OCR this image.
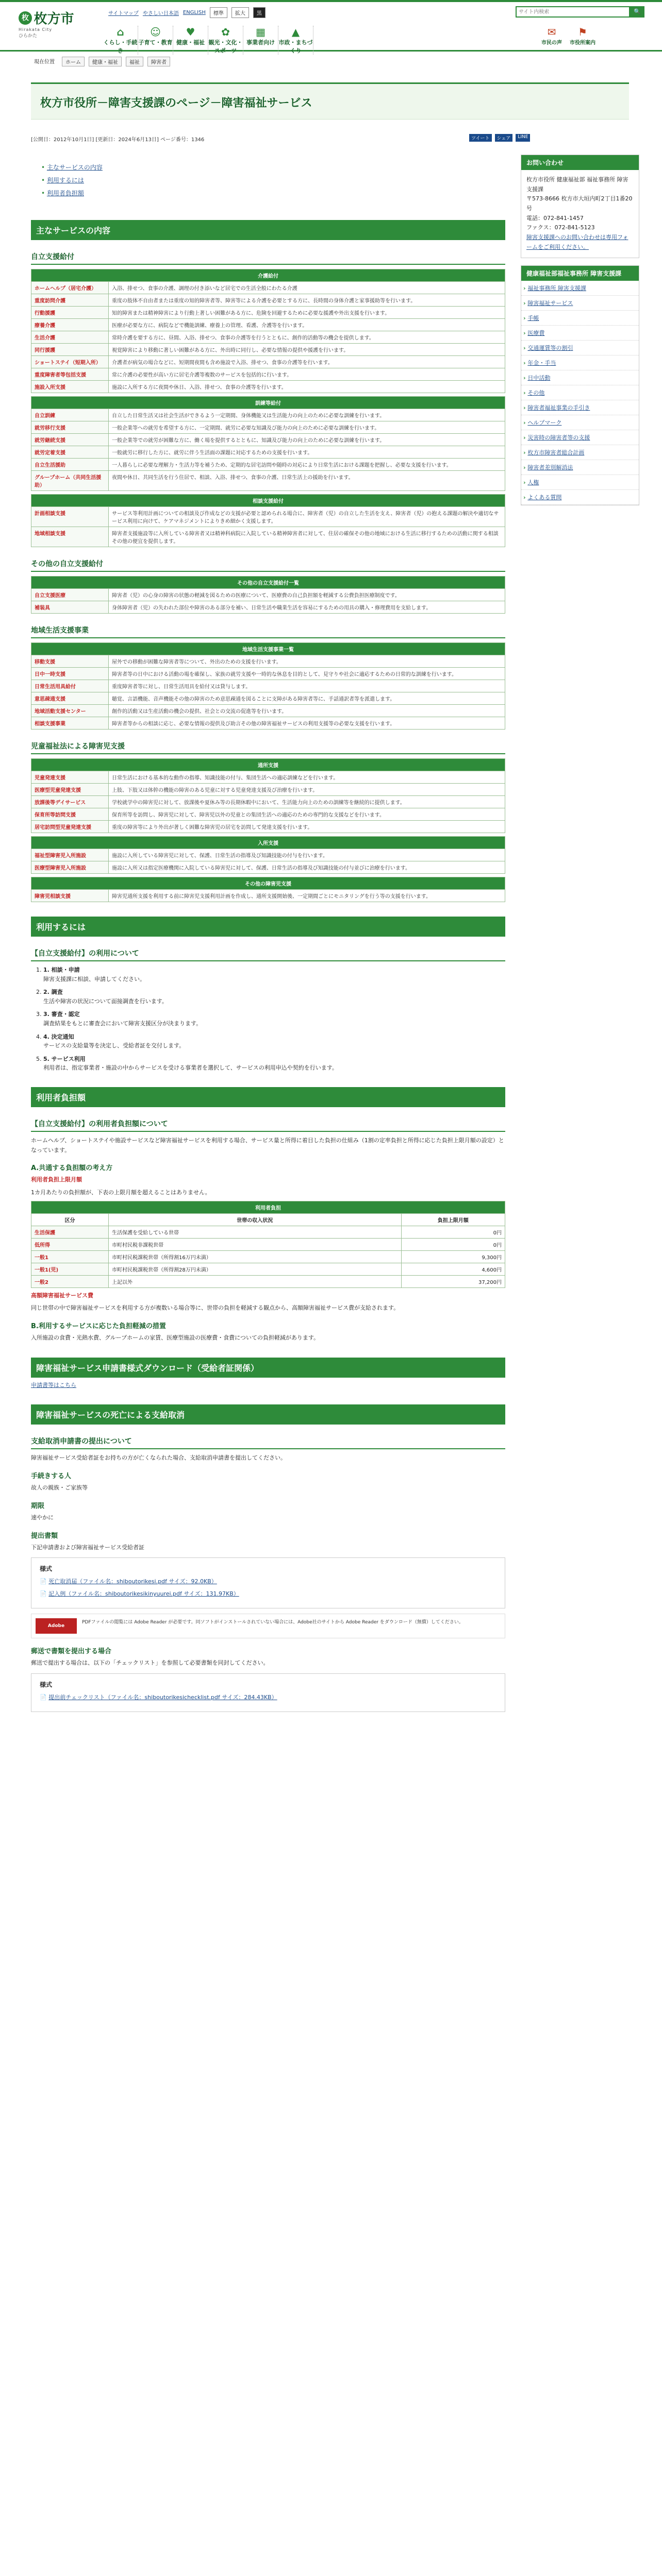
枚 枚方市
Hirakata City
ひらかた
サイトマップ やさしい日本語 ENGLISH	標準	拡大	黒
サイト内検索	🔍
⌂
くらし・手続き
☺
子育て・教育
♥
健康・福祉
✿
観光・文化・スポーツ
▦
事業者向け
▲
市政・まちづくり
✉
市民の声
⚑
市役所案内
現在位置	ホーム	健康・福祉	福祉	障害者
枚方市役所－障害支援課のページ－障害福祉サービス
[公開日：2012年10月1日] [更新日：2024年6月13日] ページ番号：1346	ツイート	シェア	LINE
• 主なサービスの内容
• 利用するには
• 利用者負担額
主なサービスの内容
自立支援給付
介護給付	
ホームヘルプ（居宅介護）	入浴、排せつ、食事の介護、調理の付き添いなど居宅での生活全般にわたる介護
重度訪問介護	重度の肢体不自由者または重度の知的障害者等、障害等による介護を必要とする方に、長時間の身体介護と家事援助等を行います。
行動援護	知的障害または精神障害により行動上著しい困難がある方に、危険を回避するために必要な援護や外出支援を行います。
療養介護	医療が必要な方に、病院などで機能訓練、療養上の管理、看護、介護等を行います。
生活介護	常時介護を要する方に、昼間、入浴、排せつ、食事の介護等を行うとともに、創作的活動等の機会を提供します。
同行援護	視覚障害により移動に著しい困難がある方に、外出時に同行し、必要な情報の提供や援護を行います。
ショートステイ（短期入所）	介護者が病気の場合などに、短期間夜間も含め施設で入浴、排せつ、食事の介護等を行います。
重度障害者等包括支援	常に介護の必要性が高い方に居宅介護等複数のサービスを包括的に行います。
施設入所支援	施設に入所する方に夜間や休日、入浴、排せつ、食事の介護等を行います。
訓練等給付	
自立訓練	自立した日常生活又は社会生活ができるよう一定期間、身体機能又は生活能力の向上のために必要な訓練を行います。
就労移行支援	一般企業等への就労を希望する方に、一定期間、就労に必要な知識及び能力の向上のために必要な訓練を行います。
就労継続支援	一般企業等での就労が困難な方に、働く場を提供するとともに、知識及び能力の向上のために必要な訓練を行います。
就労定着支援	一般就労に移行した方に、就労に伴う生活面の課題に対応するための支援を行います。
自立生活援助	一人暮らしに必要な理解力・生活力等を補うため、定期的な居宅訪問や随時の対応により日常生活における課題を把握し、必要な支援を行います。
グループホーム（共同生活援助）	夜間や休日、共同生活を行う住居で、相談、入浴、排せつ、食事の介護、日常生活上の援助を行います。
相談支援給付	
計画相談支援	サービス等利用計画についての相談及び作成などの支援が必要と認められる場合に、障害者（児）の自立した生活を支え、障害者（児）の抱える課題の解決や適切なサービス利用に向けて、ケアマネジメントによりきめ細かく支援します。
地域相談支援	障害者支援施設等に入所している障害者又は精神科病院に入院している精神障害者に対して、住居の確保その他の地域における生活に移行するための活動に関する相談その他の便宜を提供します。
その他の自立支援給付
その他の自立支援給付一覧	
自立支援医療	障害者（児）の心身の障害の状態の軽減を図るための医療について、医療費の自己負担額を軽減する公費負担医療制度です。
補装具	身体障害者（児）の失われた部位や障害のある部分を補い、日常生活や職業生活を容易にするための用具の購入・修理費用を支給します。
地域生活支援事業
地域生活支援事業一覧	
移動支援	屋外での移動が困難な障害者等について、外出のための支援を行います。
日中一時支援	障害者等の日中における活動の場を確保し、家族の就労支援や一時的な休息を目的として、見守りや社会に適応するための日常的な訓練を行います。
日常生活用具給付	重度障害者等に対し、日常生活用具を給付又は貸与します。
意思疎通支援	聴覚、言語機能、音声機能その他の障害のため意思疎通を図ることに支障がある障害者等に、手話通訳者等を派遣します。
地域活動支援センター	創作的活動又は生産活動の機会の提供、社会との交流の促進等を行います。
相談支援事業	障害者等からの相談に応じ、必要な情報の提供及び助言その他の障害福祉サービスの利用支援等の必要な支援を行います。
児童福祉法による障害児支援
通所支援	
児童発達支援	日常生活における基本的な動作の指導、知識技能の付与、集団生活への適応訓練などを行います。
医療型児童発達支援	上肢、下肢又は体幹の機能の障害のある児童に対する児童発達支援及び治療を行います。
放課後等デイサービス	学校就学中の障害児に対して、放課後や夏休み等の長期休暇中において、生活能力向上のための訓練等を継続的に提供します。
保育所等訪問支援	保育所等を訪問し、障害児に対して、障害児以外の児童との集団生活への適応のための専門的な支援などを行います。
居宅訪問型児童発達支援	重度の障害等により外出が著しく困難な障害児の居宅を訪問して発達支援を行います。
入所支援	
福祉型障害児入所施設	施設に入所している障害児に対して、保護、日常生活の指導及び知識技能の付与を行います。
医療型障害児入所施設	施設に入所又は指定医療機関に入院している障害児に対して、保護、日常生活の指導及び知識技能の付与並びに治療を行います。
その他の障害児支援
障害児相談支援	障害児通所支援を利用する前に障害児支援利用計画を作成し、通所支援開始後、一定期間ごとにモニタリングを行う等の支援を行います。
利用するには
【自立支援給付】の利用について
1. 1. 相談・申請
障害支援課に相談、申請してください。
2. 2. 調査
生活や障害の状況について面接調査を行います。
3. 3. 審査・認定
調査結果をもとに審査会において障害支援区分が決まります。
4. 4. 決定通知
サービスの支給量等を決定し、受給者証を交付します。
5. 5. サービス利用
利用者は、指定事業者・施設の中からサービスを受ける事業者を選択して、サービスの利用申込や契約を行います。
利用者負担額
【自立支援給付】の利用者負担額について

ホームヘルプ、ショートステイや施設サービスなど障害福祉サービスを利用する場合、サービス量と所得に着目した負担の仕組み（1割の定率負担と所得に応じた負担上限月額の設定）となっています。

A.共通する負担額の考え方

利用者負担上限月額

1カ月あたりの負担額が、下表の上限月額を超えることはありません。

利用者負担		
区分	世帯の収入状況	負担上限月額
生活保護	生活保護を受給している世帯	0円
低所得	市町村民税非課税世帯	0円
一般1	市町村民税課税世帯（所得割16万円未満）	9,300円
一般1(児)	市町村民税課税世帯（所得割28万円未満）	4,600円
一般2	上記以外	37,200円

高額障害福祉サービス費

同じ世帯の中で障害福祉サービスを利用する方が複数いる場合等に、世帯の負担を軽減する観点から、高額障害福祉サービス費が支給されます。

B.利用するサービスに応じた負担軽減の措置

入所施設の食費・光熱水費、グループホームの家賃、医療型施設の医療費・食費についての負担軽減があります。

障害福祉サービス申請書様式ダウンロード（受給者証関係）

申請書等はこちら

障害福祉サービスの死亡による支給取消
支給取消申請書の提出について

障害福祉サービス受給者証をお持ちの方が亡くなられた場合、支給取消申請書を提出してください。

手続きする人

故人の親族・ご家族等

期限

速やかに

提出書類

下記申請書および障害福祉サービス受給者証

様式
📄 死亡取消届（ファイル名：shiboutorikesi.pdf サイズ：92.0KB）
📄 記入例（ファイル名：shiboutorikesikinyuurei.pdf サイズ：131.97KB）
Adobe
PDFファイルの閲覧には Adobe Reader が必要です。同ソフトがインストールされていない場合には、Adobe社のサイトから Adobe Reader をダウンロード（無償）してください。
郵送で書類を提出する場合

郵送で提出する場合は、以下の「チェックリスト」を参照して必要書類を同封してください。

様式
📄 提出前チェックリスト（ファイル名：shiboutorikesichecklist.pdf サイズ：284.43KB）
お問い合わせ
枚方市役所 健康福祉部 福祉事務所 障害支援課
〒573-8666 枚方市大垣内町2丁目1番20号
電話：072-841-1457
ファクス：072-841-5123
障害支援課へのお問い合わせは専用フォームをご利用ください。
健康福祉部福祉事務所 障害支援課
› 福祉事務所 障害支援課
› 障害福祉サービス
› 手帳
› 医療費
› 交通運賃等の割引
› 年金・手当
› 日中活動
› その他
› 障害者福祉事業の手引き
› ヘルプマーク
› 災害時の障害者等の支援
› 枚方市障害者総合計画
› 障害者差別解消法
› 人権
› よくある質問
